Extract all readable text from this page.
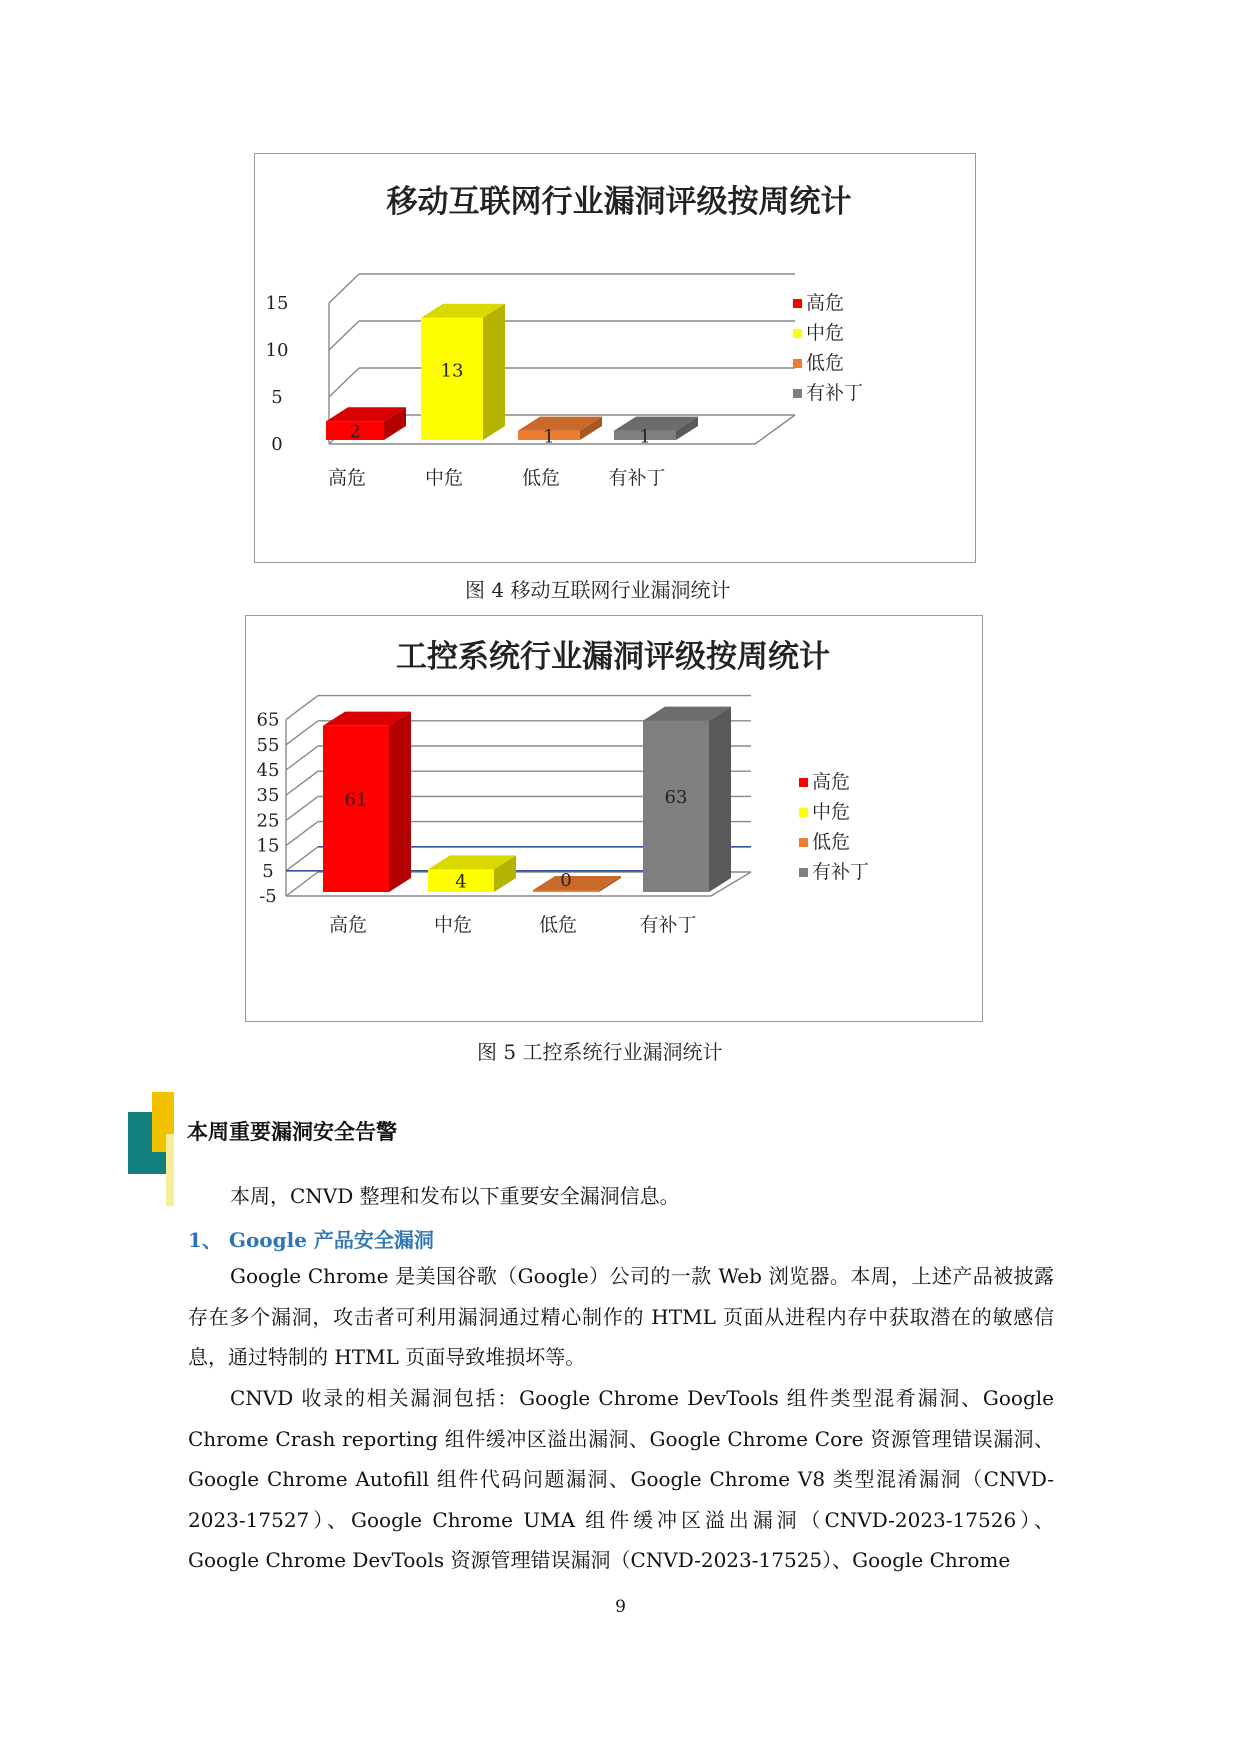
移动互联网行业漏洞评级按周统计
15
10
5
0
2
高危
13
中危
1
低危
1
有补丁
高危
中危
低危
有补丁
图 4 移动互联网行业漏洞统计
工控系统行业漏洞评级按周统计
65
55
45
35
25
15
5
-5
61
高危
4
中危
0
低危
63
有补丁
高危
中危
低危
有补丁
图 5 工控系统行业漏洞统计
本周重要漏洞安全告警
本周，CNVD 整理和发布以下重要安全漏洞信息。
1、 Google 产品安全漏洞
Google Chrome 是美国谷歌（Google）公司的一款 Web 浏览器。本周，上述产品被披露存在多个漏洞，攻击者可利用漏洞通过精心制作的 HTML 页面从进程内存中获取潜在的敏感信息，通过特制的 HTML 页面导致堆损坏等。
CNVD 收录的相关漏洞包括：Google Chrome DevTools 组件类型混肴漏洞、Google Chrome Crash reporting 组件缓冲区溢出漏洞、Google Chrome Core 资源管理错误漏洞、Google Chrome Autofill 组件代码问题漏洞、Google Chrome V8 类型混淆漏洞（CNVD-2023-17527）、Google Chrome UMA 组件缓冲区溢出漏洞（CNVD-2023-17526）、Google Chrome DevTools 资源管理错误漏洞（CNVD-2023-17525）、Google Chrome
9
